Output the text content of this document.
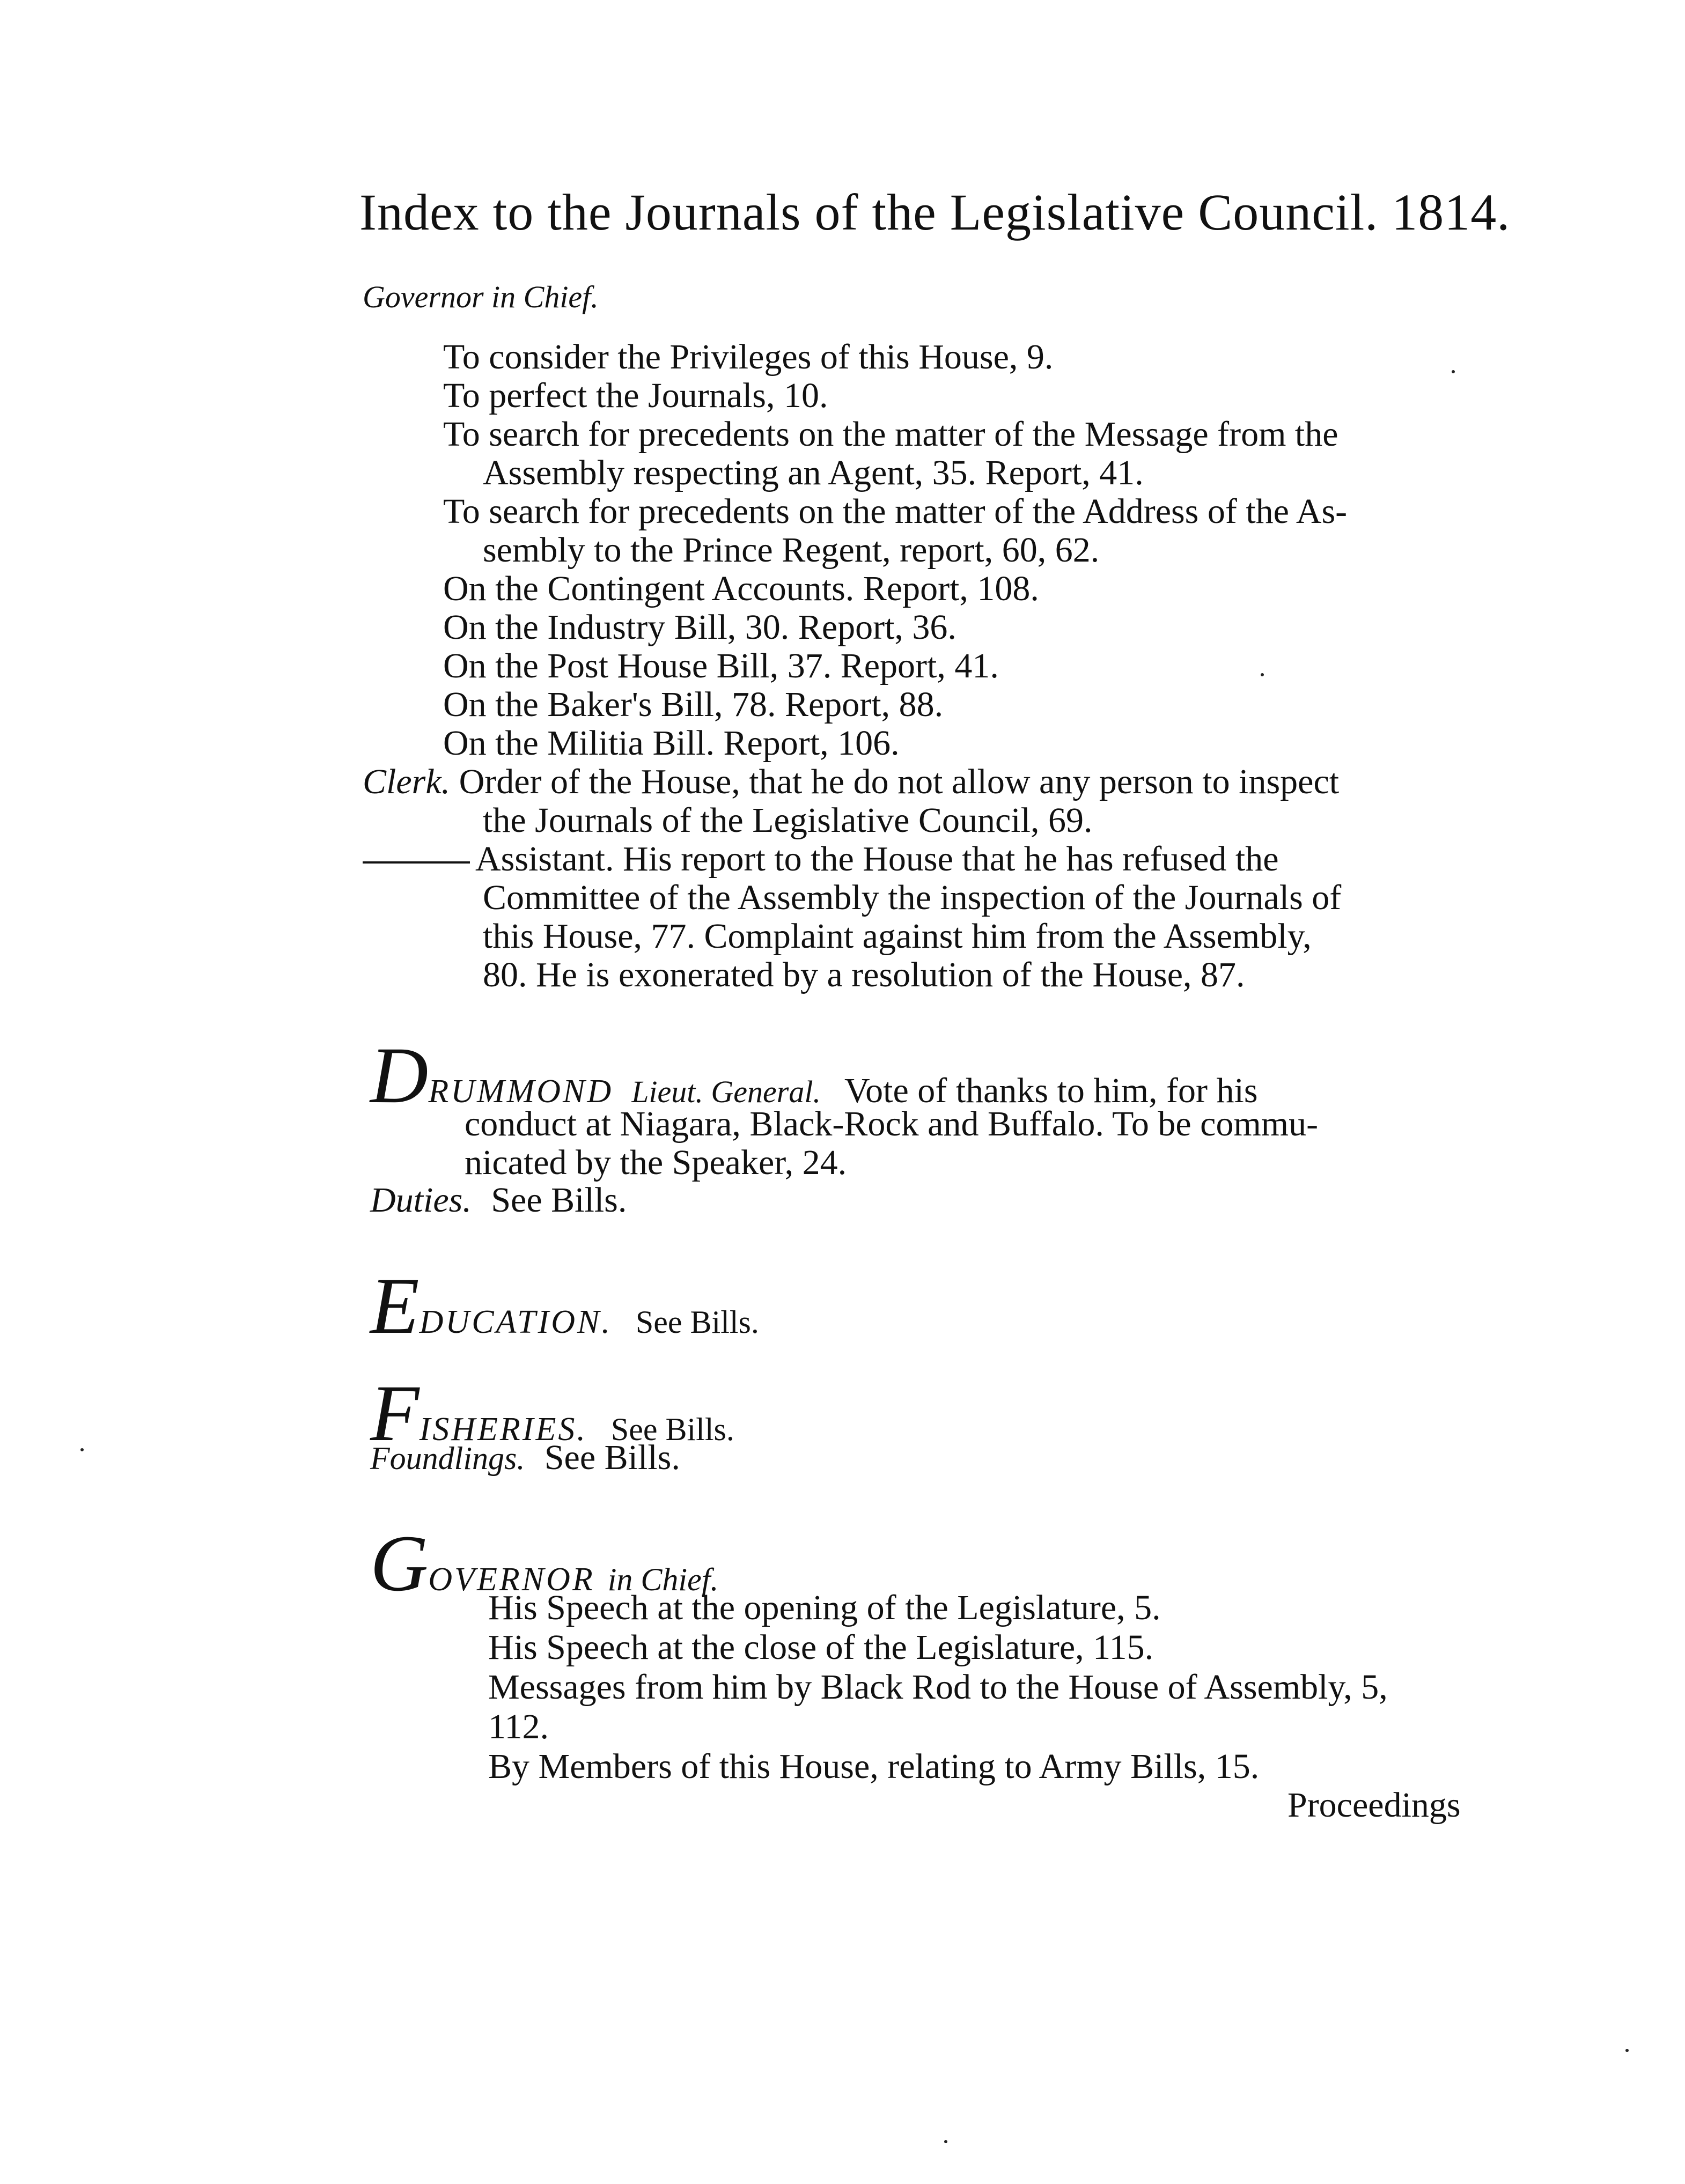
Index to the Journals of the Legislative Council. 1814.
Governor in Chief.
To consider the Privileges of this House, 9.
To perfect the Journals, 10.
To search for precedents on the matter of the Message from the
Assembly respecting an Agent, 35. Report, 41.
To search for precedents on the matter of the Address of the As-
sembly to the Prince Regent, report, 60, 62.
On the Contingent Accounts. Report, 108.
On the Industry Bill, 30. Report, 36.
On the Post House Bill, 37. Report, 41.
On the Baker's Bill, 78. Report, 88.
On the Militia Bill. Report, 106.
Clerk. Order of the House, that he do not allow any person to inspect
the Journals of the Legislative Council, 69.
Assistant. His report to the House that he has refused the
Committee of the Assembly the inspection of the Journals of
this House, 77. Complaint against him from the Assembly,
80. He is exonerated by a resolution of the House, 87.
DRUMMOND Lieut. General. Vote of thanks to him, for his
conduct at Niagara, Black-Rock and Buffalo. To be commu-
nicated by the Speaker, 24.
Duties. See Bills.
EDUCATION. See Bills.
FISHERIES. See Bills.
Foundlings. See Bills.
GOVERNOR in Chief.
His Speech at the opening of the Legislature, 5.
His Speech at the close of the Legislature, 115.
Messages from him by Black Rod to the House of Assembly, 5,
112.
By Members of this House, relating to Army Bills, 15.
Proceedings
